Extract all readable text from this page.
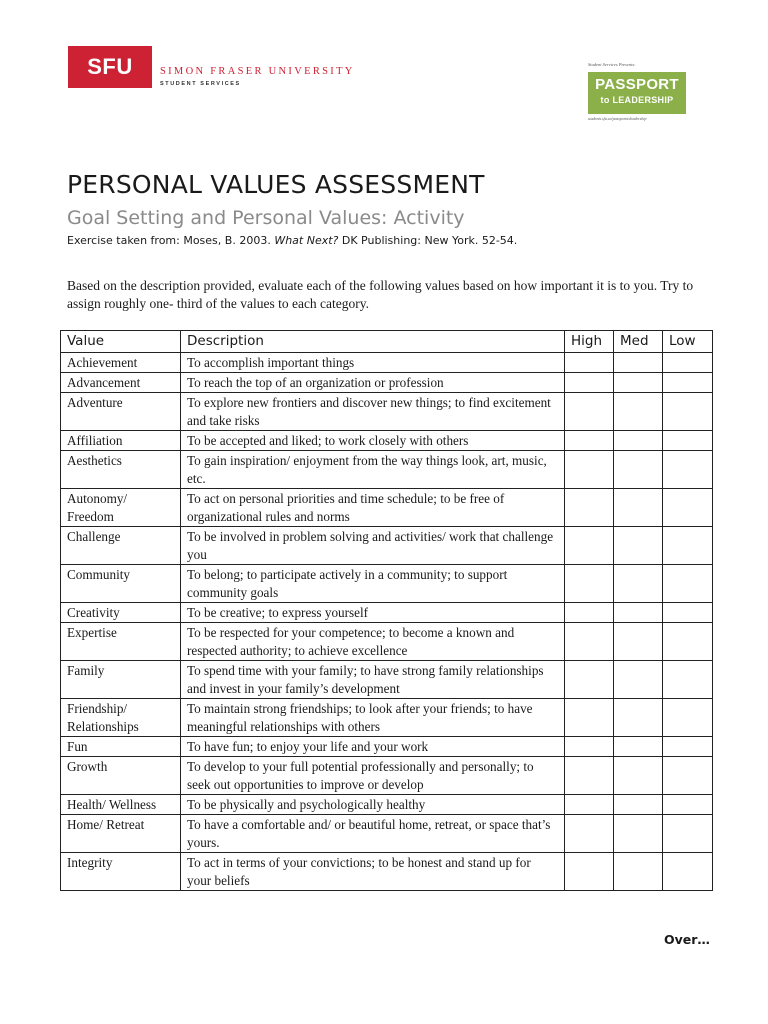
SFU	SIMON FRASER UNIVERSITY
STUDENT SERVICES
Student Services Presents:
PASSPORT
to LEADERSHIP
students.sfu.ca/passporttoleadership
PERSONAL VALUES ASSESSMENT
Goal Setting and Personal Values: Activity
Exercise taken from: Moses, B. 2003. What Next? DK Publishing: New York. 52-54.
Based on the description provided, evaluate each of the following values based on how important it is to you. Try to assign roughly one- third of the values to each category.
Value	Description	High	Med	Low
Achievement	To accomplish important things			
Advancement	To reach the top of an organization or profession			
Adventure	To explore new frontiers and discover new things; to find excitement and take risks			
Affiliation	To be accepted and liked; to work closely with others			
Aesthetics	To gain inspiration/ enjoyment from the way things look, art, music, etc.			
Autonomy/ Freedom	To act on personal priorities and time schedule; to be free of organizational rules and norms			
Challenge	To be involved in problem solving and activities/ work that challenge you			
Community	To belong; to participate actively in a community; to support community goals			
Creativity	To be creative; to express yourself			
Expertise	To be respected for your competence; to become a known and respected authority; to achieve excellence			
Family	To spend time with your family; to have strong family relationships and invest in your family’s development			
Friendship/ Relationships	To maintain strong friendships; to look after your friends; to have meaningful relationships with others			
Fun	To have fun; to enjoy your life and your work			
Growth	To develop to your full potential professionally and personally; to seek out opportunities to improve or develop			
Health/ Wellness	To be physically and psychologically healthy			
Home/ Retreat	To have a comfortable and/ or beautiful home, retreat, or space that’s yours.			
Integrity	To act in terms of your convictions; to be honest and stand up for your beliefs			
Over…
